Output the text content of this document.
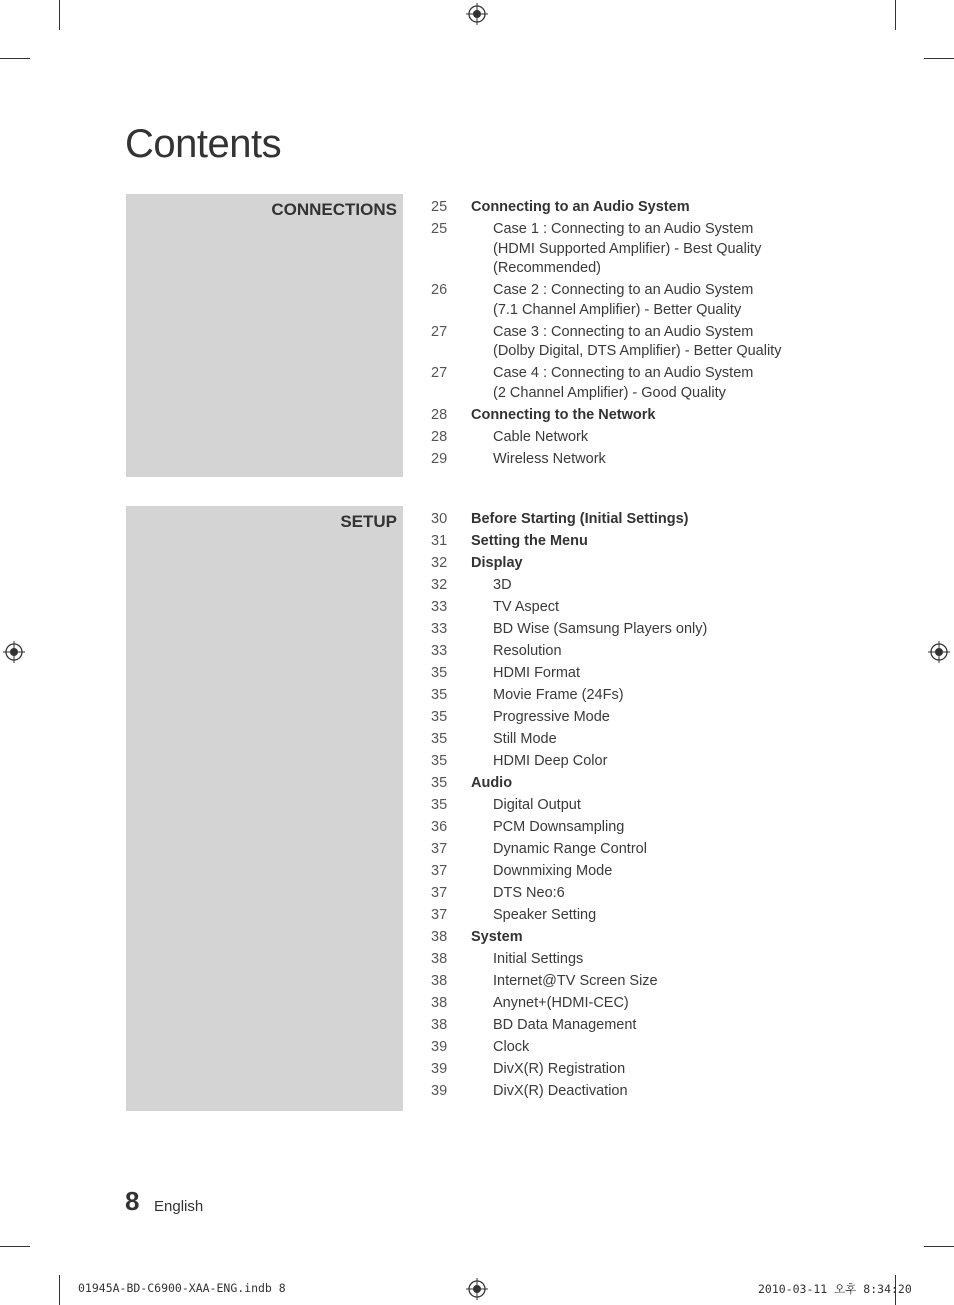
Contents
CONNECTIONS 25 Connecting to an Audio System
25	Case 1 : Connecting to an Audio System
(HDMI Supported Amplifier) - Best Quality
(Recommended)
26	Case 2 : Connecting to an Audio System
(7.1 Channel Amplifier) - Better Quality
27	Case 3 : Connecting to an Audio System
(Dolby Digital, DTS Amplifier) - Better Quality
27	Case 4 : Connecting to an Audio System
(2 Channel Amplifier) - Good Quality
28 Connecting to the Network
28	Cable Network
29	Wireless Network
SETUP 30 Before Starting (Initial Settings)
31 Setting the Menu
32 Display
32	3D
33	TV Aspect
33	BD Wise (Samsung Players only)
33	Resolution
35	HDMI Format
35	Movie Frame (24Fs)
35	Progressive Mode
35	Still Mode
35	HDMI Deep Color
35 Audio
35	Digital Output
36	PCM Downsampling
37	Dynamic Range Control
37	Downmixing Mode
37	DTS Neo:6
37	Speaker Setting
38 System
38	Initial Settings
38	Internet@TV Screen Size
38	Anynet+(HDMI-CEC)
38	BD Data Management
39	Clock
39	DivX(R) Registration
39	DivX(R) Deactivation
8 English
01945A-BD-C6900-XAA-ENG.indb 8	2010-03-11 오후 8:34:20
